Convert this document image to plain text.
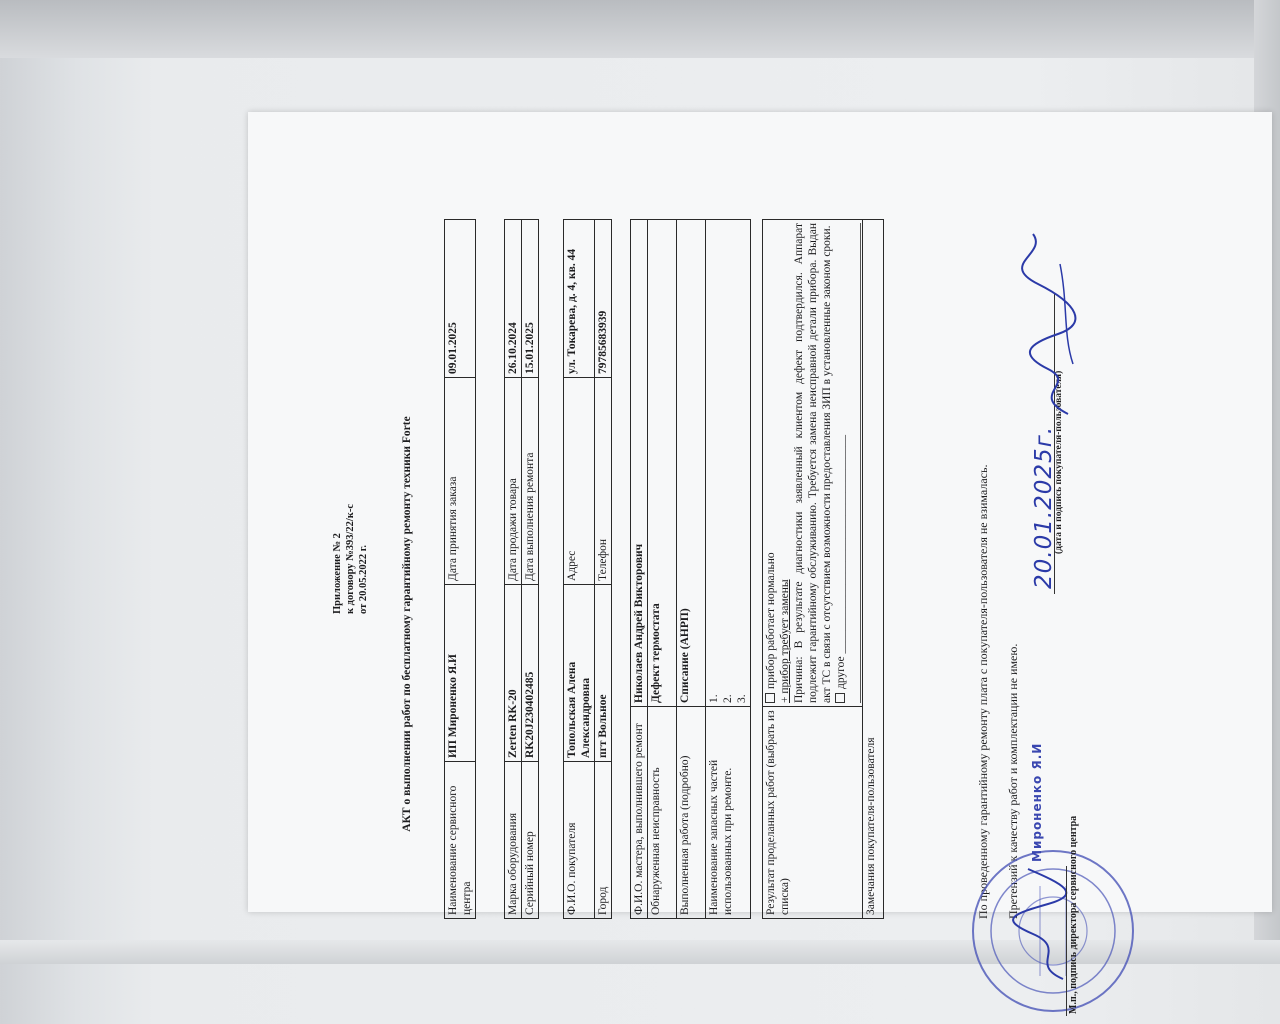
Приложение № 2 к договору №393/22/к-с от 20.05.2022 г.	АКТ о выполнении работ по бесплатному гарантийному ремонту техники Forte
Наименование сервисного центра	ИП Мироненко Я.И	Дата принятия заказа	09.01.2025
Марка оборудования	Zerten RK-20	Дата продажи товара	26.10.2024
Серийный номер	RK20J230402485	Дата выполнения ремонта	15.01.2025
Ф.И.О. покупателя	Топольская Алена Александровна	Адрес	ул. Токарева, д. 4, кв. 44
Город	пгт Вольное	Телефон	79785683939
Ф.И.О. мастера, выполнившего ремонт	Николаев Андрей Викторович
Обнаруженная неисправность	Дефект термостата
Выполненная работа (подробно)	Списание (АНРП)
Наименование запасных частей использованных при ремонте.	1. 2. 3.
Результат проделанных работ (выбрать из списка)	
прибор работает нормально + прибор требует замены Причина: В результате диагностики заявленный клиентом дефект подтвердился. Аппарат подлежит гарантийному обслуживанию. Требуется замена неисправной детали прибора. Выдан акт ТС в связи с отсутствием возможности предоставления ЗИП в установленные законом сроки. другое ______________________________________

Замечания покупателя-пользователя	По проведенному гарантийному ремонту плата с покупателя-пользователя не взималась. Претензий к качеству работ и комплектации не имею.
20.01.2025г.
(дата и подпись покупателя-пользователя)
Мироненко Я.И
М.п., подпись директора сервисного центра
